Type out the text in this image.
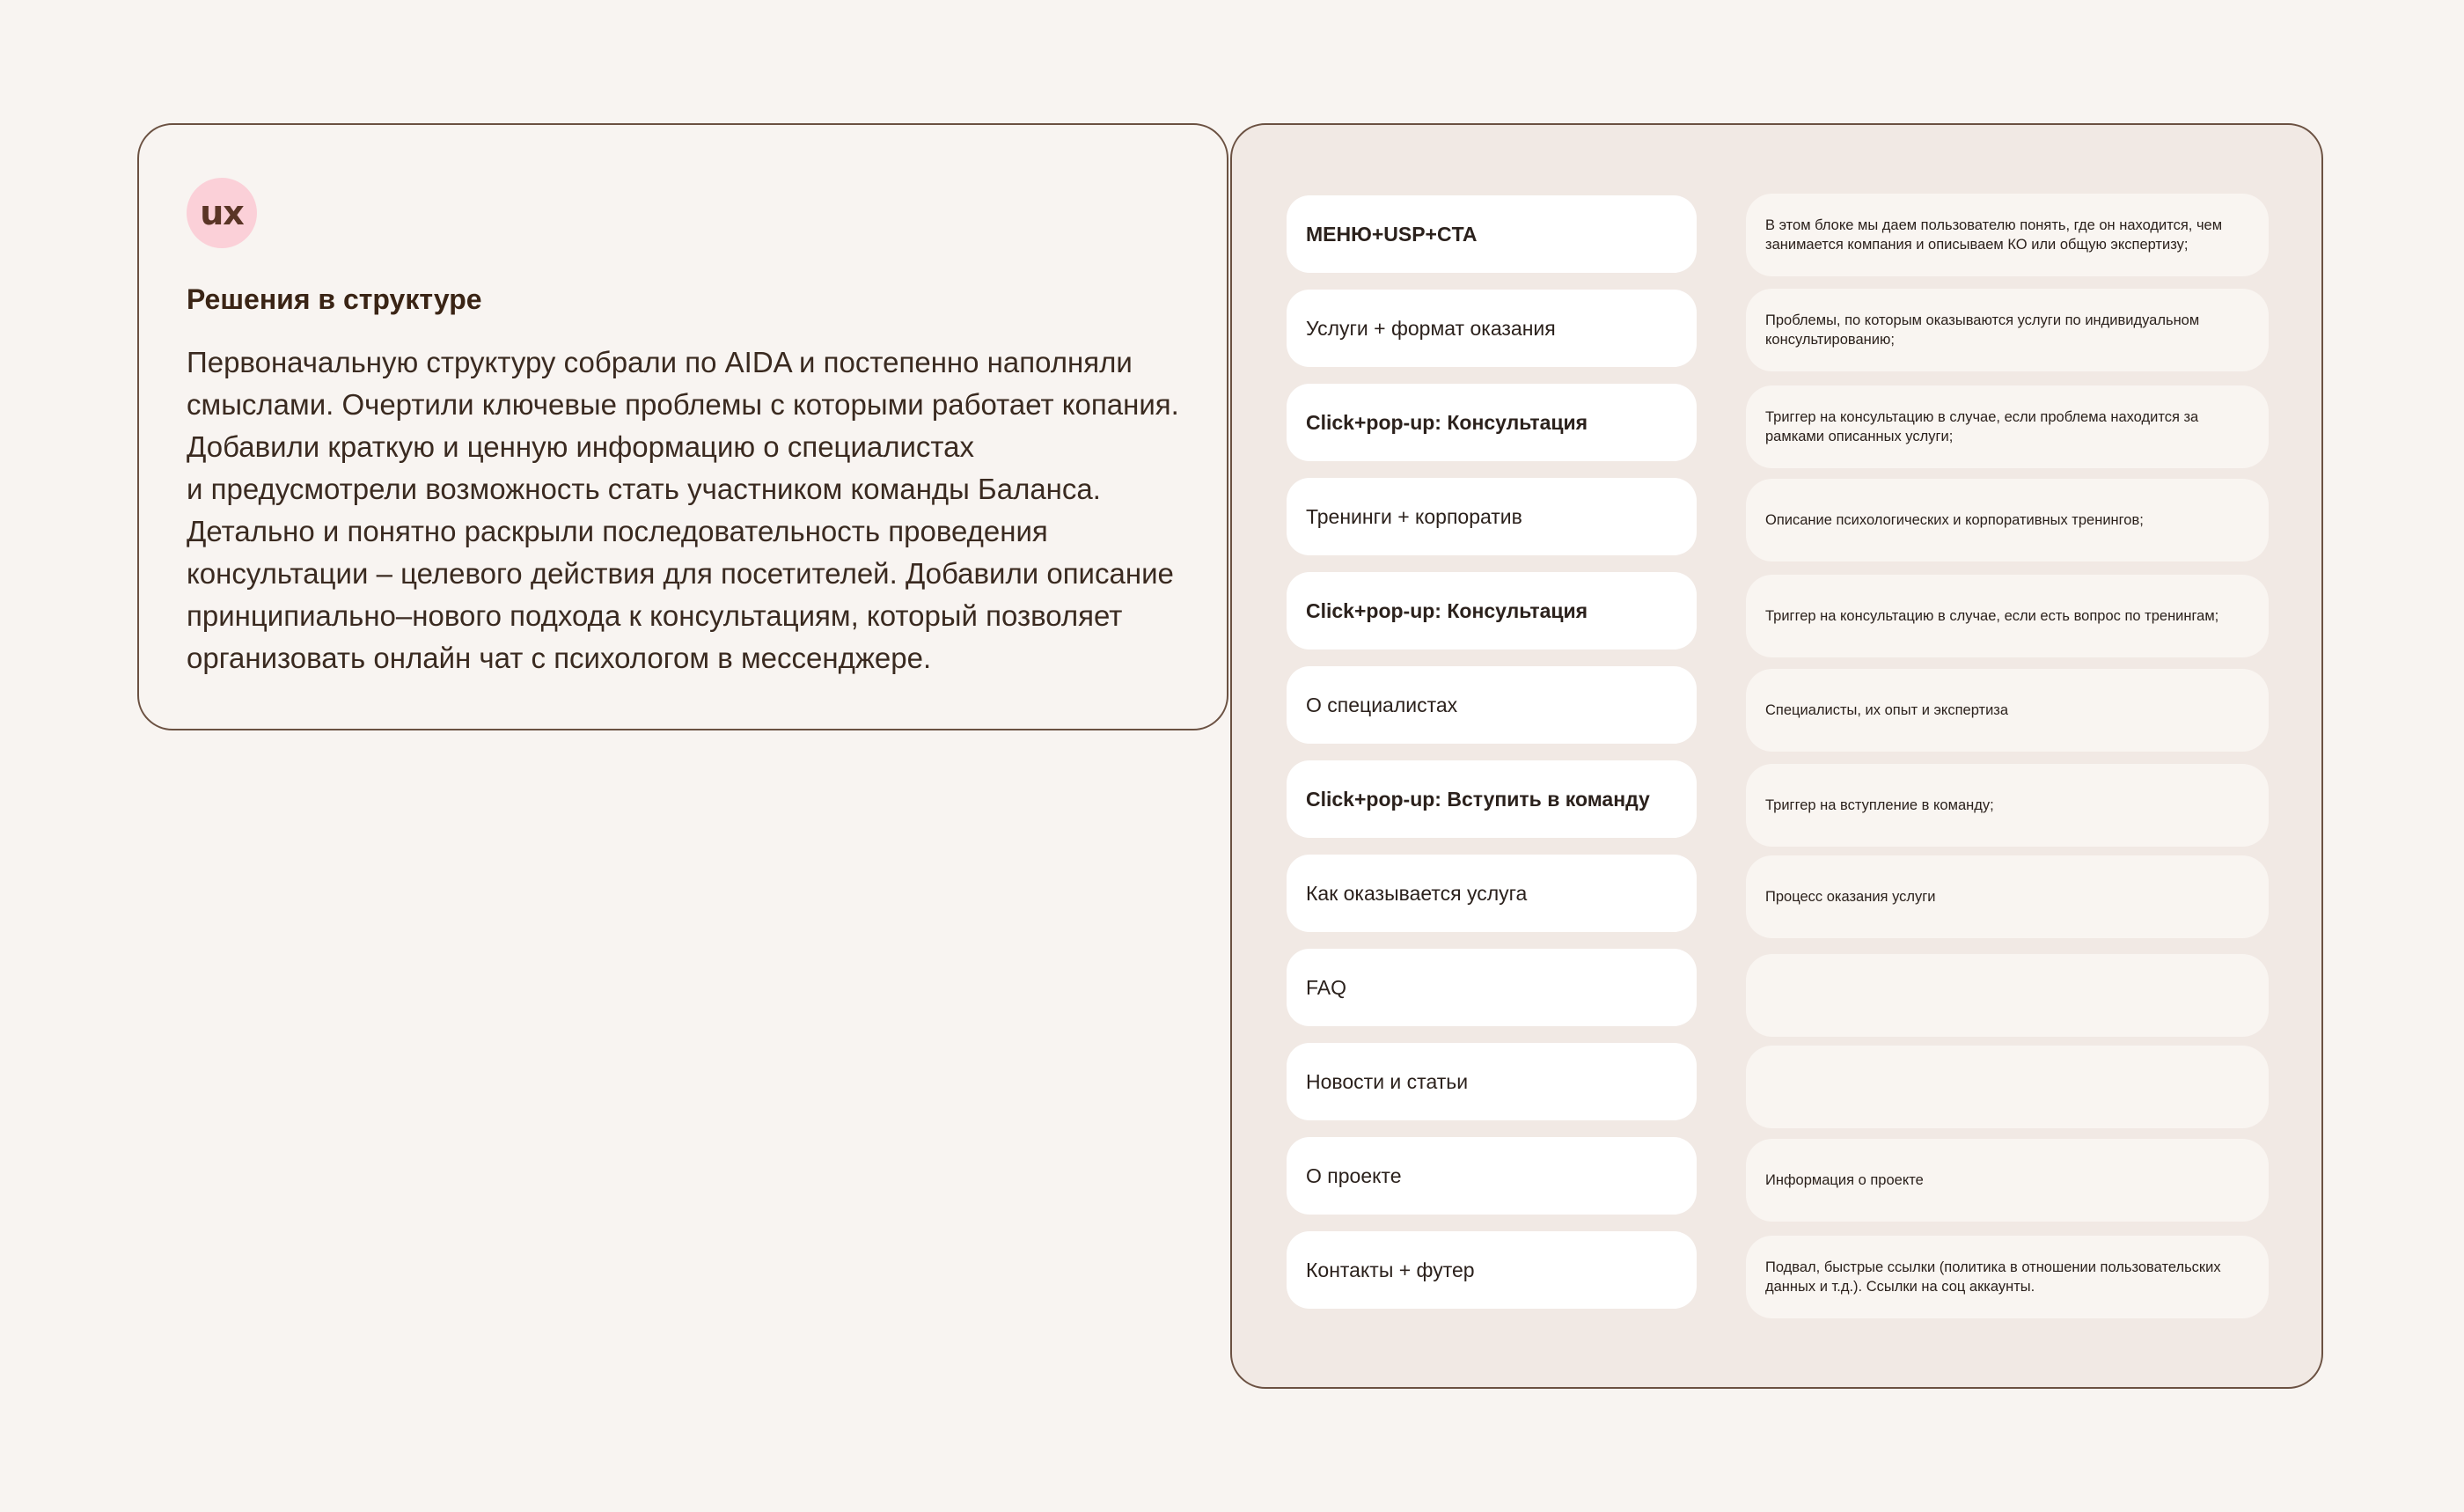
ux
Решения в структуре

Первоначальную структуру собрали по AIDA и постепенно наполняли
смыслами. Очертили ключевые проблемы с которыми работает копания.
Добавили краткую и ценную информацию о специалистах
и предусмотрели возможность стать участником команды Баланса.
Детально и понятно раскрыли последовательность проведения
консультации – целевого действия для посетителей. Добавили описание
принципиально–нового подхода к консультациям, который позволяет
организовать онлайн чат с психологом в мессенджере.

МЕНЮ+USP+CTA
Услуги + формат оказания
Click+pop-up: Консультация
Тренинги + корпоратив
Click+pop-up: Консультация
О специалистах
Click+pop-up: Вступить в команду
Как оказывается услуга
FAQ
Новости и статьи
О проекте
Контакты + футер
В этом блоке мы даем пользователю понять, где он находится, чем занимается компания и описываем КО или общую экспертизу;
Проблемы, по которым оказываются услуги по индивидуальном консультированию;
Триггер на консультацию в случае, если проблема находится за рамками описанных услуги;
Описание психологических и корпоративных тренингов;
Триггер на консультацию в случае, если есть вопрос по тренингам;
Специалисты, их опыт и экспертиза
Триггер на вступление в команду;
Процесс оказания услуги
Информация о проекте
Подвал, быстрые ссылки (политика в отношении пользовательских данных и т.д.). Ссылки на соц аккаунты.
